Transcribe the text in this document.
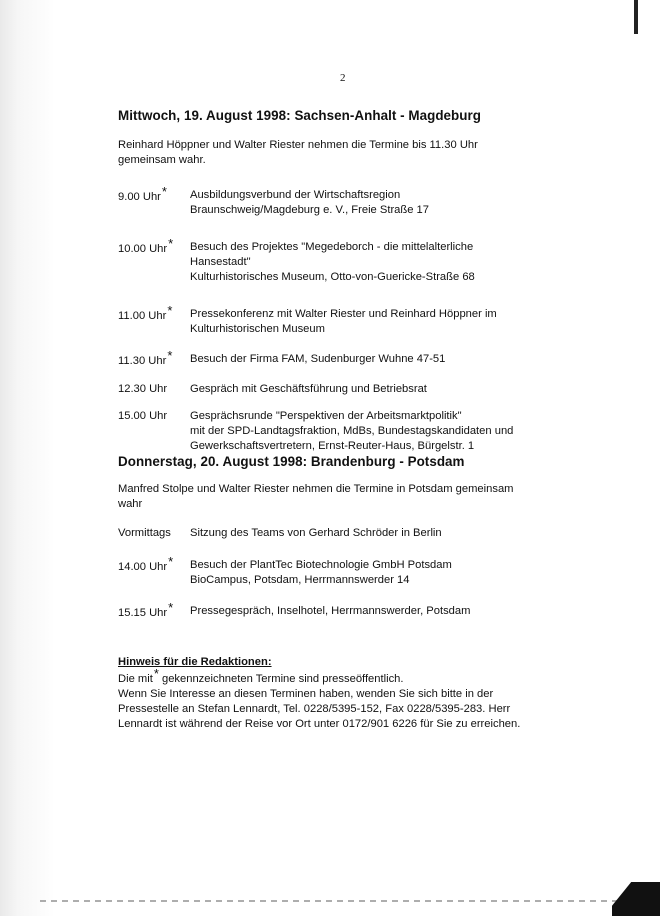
2
Mittwoch, 19. August 1998: Sachsen-Anhalt - Magdeburg
Reinhard Höppner und Walter Riester nehmen die Termine bis 11.30 Uhr
gemeinsam wahr.
9.00 Uhr*	Ausbildungsverbund der Wirtschaftsregion
Braunschweig/Magdeburg e. V., Freie Straße 17
10.00 Uhr*	Besuch des Projektes "Megedeborch - die mittelalterliche
Hansestadt"
Kulturhistorisches Museum, Otto-von-Guericke-Straße 68
11.00 Uhr*	Pressekonferenz mit Walter Riester und Reinhard Höppner im
Kulturhistorischen Museum
11.30 Uhr*	Besuch der Firma FAM, Sudenburger Wuhne 47-51
12.30 Uhr	Gespräch mit Geschäftsführung und Betriebsrat
15.00 Uhr	Gesprächsrunde "Perspektiven der Arbeitsmarktpolitik"
mit der SPD-Landtagsfraktion, MdBs, Bundestagskandidaten und
Gewerkschaftsvertretern, Ernst-Reuter-Haus, Bürgelstr. 1
Donnerstag, 20. August 1998: Brandenburg - Potsdam
Manfred Stolpe und Walter Riester nehmen die Termine in Potsdam gemeinsam
wahr
Vormittags	Sitzung des Teams von Gerhard Schröder in Berlin
14.00 Uhr*	Besuch der PlantTec Biotechnologie GmbH Potsdam
BioCampus, Potsdam, Herrmannswerder 14
15.15 Uhr*	Pressegespräch, Inselhotel, Herrmannswerder, Potsdam
Hinweis für die Redaktionen:
Die mit* gekennzeichneten Termine sind presseöffentlich.
Wenn Sie Interesse an diesen Terminen haben, wenden Sie sich bitte in der
Pressestelle an Stefan Lennardt, Tel. 0228/5395-152, Fax 0228/5395-283. Herr
Lennardt ist während der Reise vor Ort unter 0172/901 6226 für Sie zu erreichen.
